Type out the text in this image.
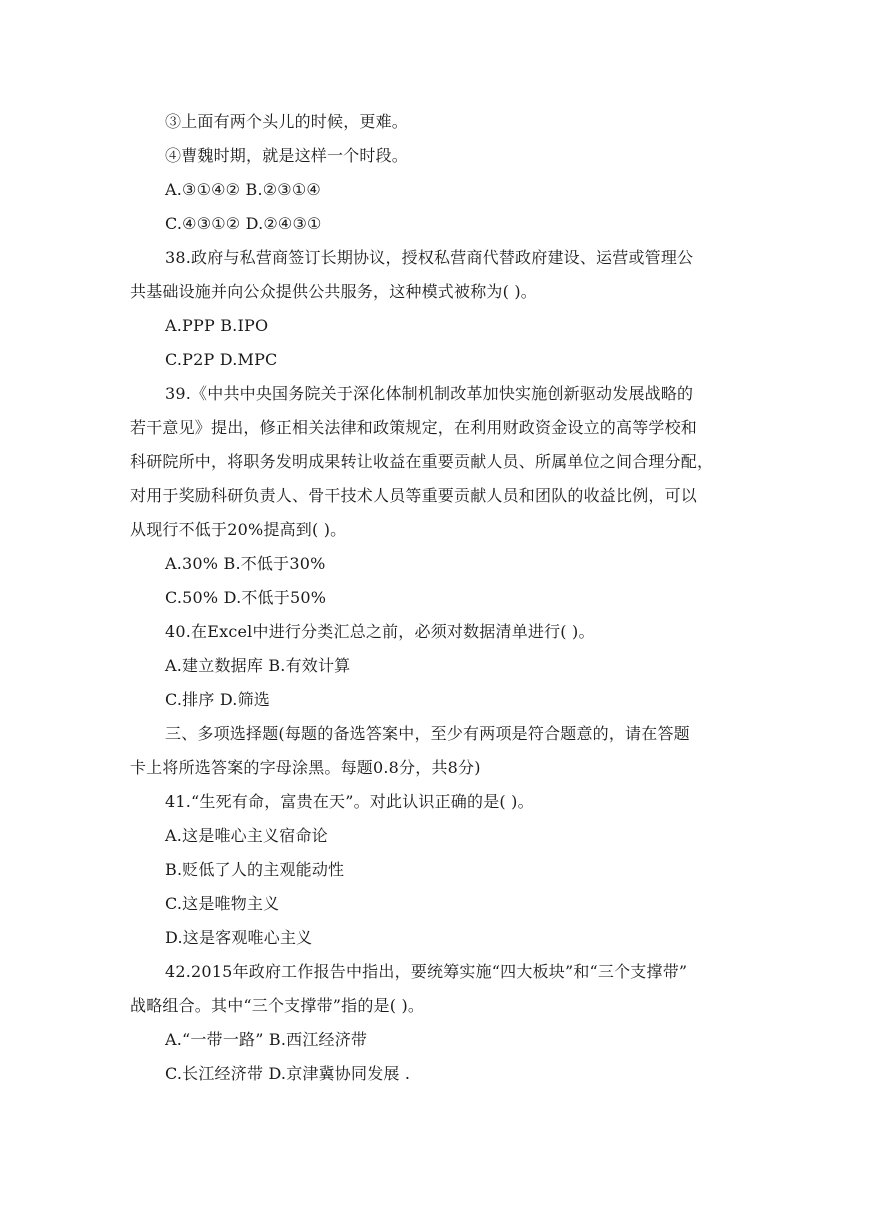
③上面有两个头儿的时候，更难。
④曹魏时期，就是这样一个时段。
A.③①④② B.②③①④
C.④③①② D.②④③①
38.政府与私营商签订长期协议，授权私营商代替政府建设、运营或管理公
共基础设施并向公众提供公共服务，这种模式被称为( )。
A.PPP B.IPO
C.P2P D.MPC
39.《中共中央国务院关于深化体制机制改革加快实施创新驱动发展战略的
若干意见》提出，修正相关法律和政策规定，在利用财政资金设立的高等学校和
科研院所中，将职务发明成果转让收益在重要贡献人员、所属单位之间合理分配，
对用于奖励科研负责人、骨干技术人员等重要贡献人员和团队的收益比例，可以
从现行不低于20%提高到( )。
A.30% B.不低于30%
C.50% D.不低于50%
40.在Excel中进行分类汇总之前，必须对数据清单进行( )。
A.建立数据库 B.有效计算
C.排序 D.筛选
三、多项选择题(每题的备选答案中，至少有两项是符合题意的，请在答题
卡上将所选答案的字母涂黑。每题0.8分，共8分)
41.“生死有命，富贵在天”。对此认识正确的是( )。
A.这是唯心主义宿命论
B.贬低了人的主观能动性
C.这是唯物主义
D.这是客观唯心主义
42.2015年政府工作报告中指出，要统筹实施“四大板块”和“三个支撑带”
战略组合。其中“三个支撑带”指的是( )。
A.“一带一路” B.西江经济带
C.长江经济带 D.京津冀协同发展 .
